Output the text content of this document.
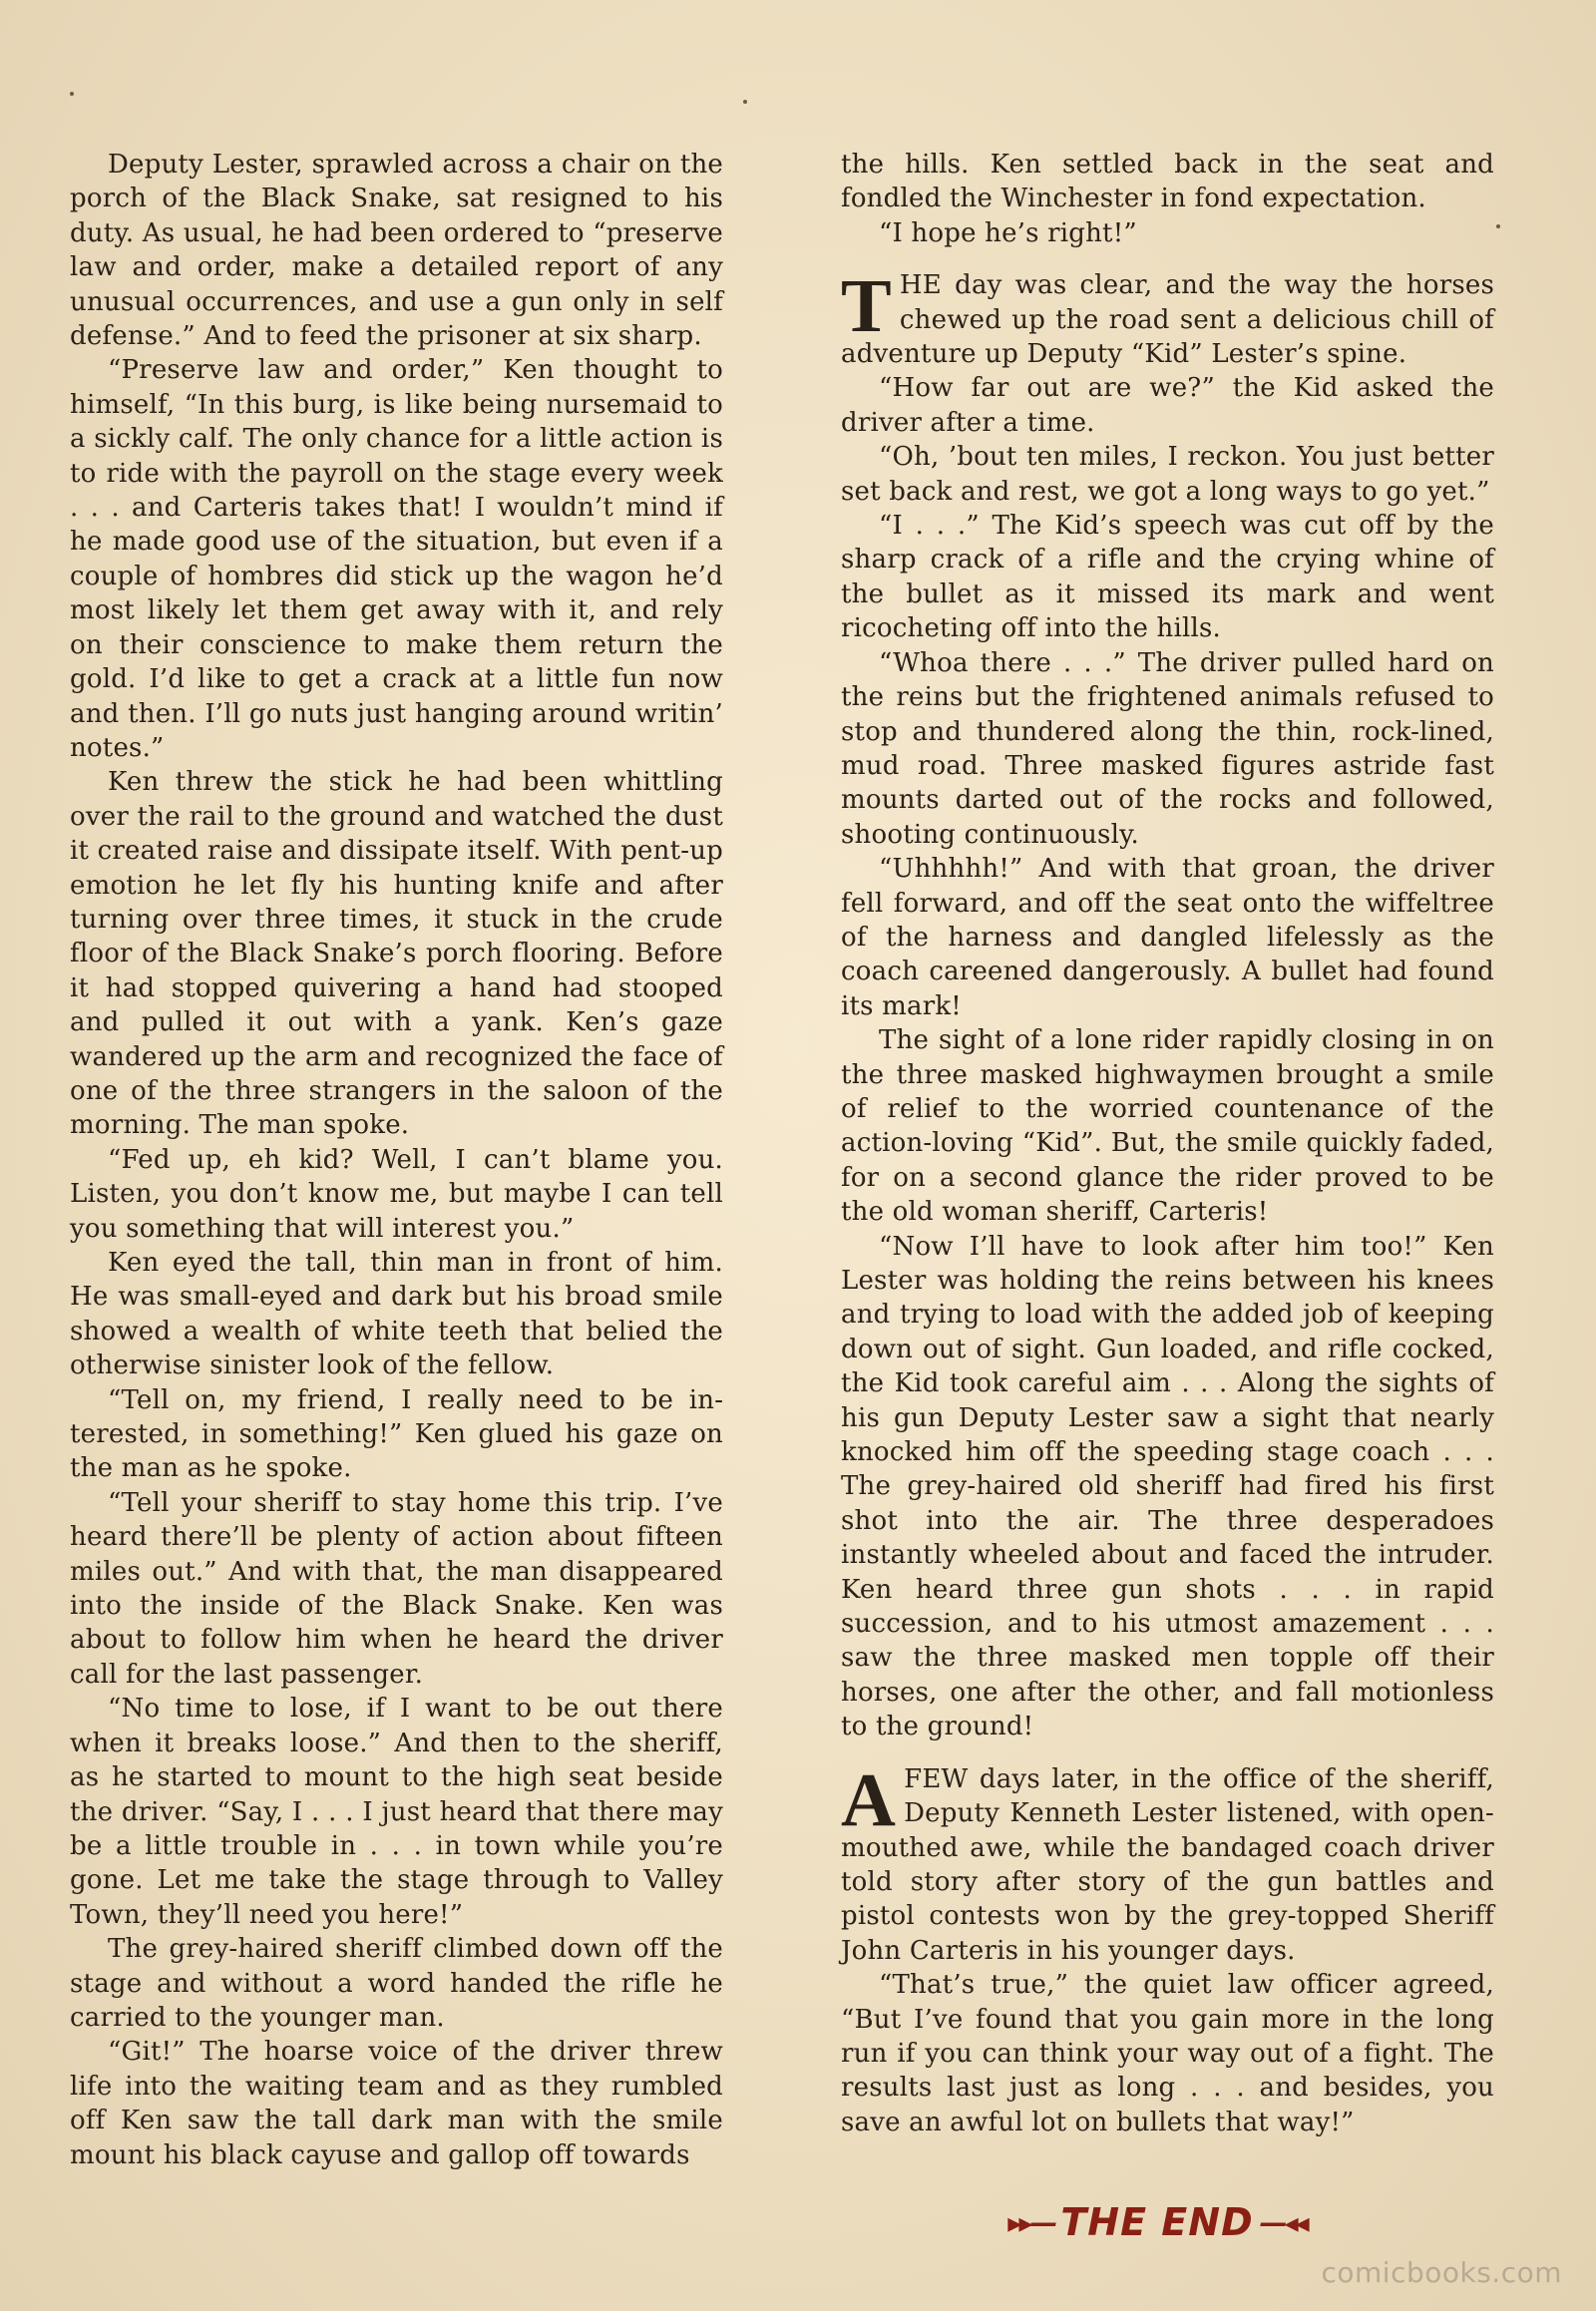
Deputy Lester, sprawled across a chair on the porch of the Black Snake, sat resigned to his duty. As usual, he had been ordered to “preserve law and order, make a detailed report of any unusual occurrences, and use a gun only in self defense.” And to feed the prisoner at six sharp.

“Preserve law and order,” Ken thought to himself, “In this burg, is like being nursemaid to a sickly calf. The only chance for a little action is to ride with the payroll on the stage every week . . . and Carteris takes that! I wouldn’t mind if he made good use of the situation, but even if a couple of hombres did stick up the wagon he’d most likely let them get away with it, and rely on their conscience to make them return the gold. I’d like to get a crack at a little fun now and then. I’ll go nuts just hanging around writin’ notes.”

Ken threw the stick he had been whittling over the rail to the ground and watched the dust it created raise and dissipate itself. With pent-up emotion he let fly his hunting knife and after turning over three times, it stuck in the crude floor of the Black Snake’s porch flooring. Before it had stopped quivering a hand had stooped and pulled it out with a yank. Ken’s gaze wandered up the arm and recognized the face of one of the three strangers in the saloon of the morning. The man spoke.

“Fed up, eh kid? Well, I can’t blame you. Listen, you don’t know me, but maybe I can tell you something that will interest you.”

Ken eyed the tall, thin man in front of him. He was small-eyed and dark but his broad smile showed a wealth of white teeth that belied the otherwise sinister look of the fellow.

“Tell on, my friend, I really need to be interested, in something!” Ken glued his gaze on the man as he spoke.

“Tell your sheriff to stay home this trip. I’ve heard there’ll be plenty of action about fifteen miles out.” And with that, the man disappeared into the inside of the Black Snake. Ken was about to follow him when he heard the driver call for the last passenger.

“No time to lose, if I want to be out there when it breaks loose.” And then to the sheriff, as he started to mount to the high seat beside the driver. “Say, I . . . I just heard that there may be a little trouble in . . . in town while you’re gone. Let me take the stage through to Valley Town, they’ll need you here!”

The grey-haired sheriff climbed down off the stage and without a word handed the rifle he carried to the younger man.

“Git!” The hoarse voice of the driver threw life into the waiting team and as they rumbled off Ken saw the tall dark man with the smile mount his black cayuse and gallop off towards

the hills. Ken settled back in the seat and fondled the Winchester in fond expectation.

“I hope he’s right!”

THE day was clear, and the way the horses chewed up the road sent a delicious chill of adventure up Deputy “Kid” Lester’s spine.

“How far out are we?” the Kid asked the driver after a time.

“Oh, ’bout ten miles, I reckon. You just better set back and rest, we got a long ways to go yet.”

“I . . .” The Kid’s speech was cut off by the sharp crack of a rifle and the crying whine of the bullet as it missed its mark and went ricocheting off into the hills.

“Whoa there . . .” The driver pulled hard on the reins but the frightened animals refused to stop and thundered along the thin, rock-lined, mud road. Three masked figures astride fast mounts darted out of the rocks and followed, shooting continuously.

“Uhhhhh!” And with that groan, the driver fell forward, and off the seat onto the wiffeltree of the harness and dangled lifelessly as the coach careened dangerously. A bullet had found its mark!

The sight of a lone rider rapidly closing in on the three masked highwaymen brought a smile of relief to the worried countenance of the action-loving “Kid”. But, the smile quickly faded, for on a second glance the rider proved to be the old woman sheriff, Carteris!

“Now I’ll have to look after him too!” Ken Lester was holding the reins between his knees and trying to load with the added job of keeping down out of sight. Gun loaded, and rifle cocked, the Kid took careful aim . . . Along the sights of his gun Deputy Lester saw a sight that nearly knocked him off the speeding stage coach . . . The grey-haired old sheriff had fired his first shot into the air. The three desperadoes instantly wheeled about and faced the intruder. Ken heard three gun shots . . . in rapid succession, and to his utmost amazement . . . saw the three masked men topple off their horses, one after the other, and fall motionless to the ground!

AFEW days later, in the office of the sheriff, Deputy Kenneth Lester listened, with open-mouthed awe, while the bandaged coach driver told story after story of the gun battles and pistol contests won by the grey-topped Sheriff John Carteris in his younger days.

“That’s true,” the quiet law officer agreed, “But I’ve found that you gain more in the long run if you can think your way out of a fight. The results last just as long . . . and besides, you save an awful lot on bullets that way!”

▸▸— THE END —◂◂
comicbooks.com
